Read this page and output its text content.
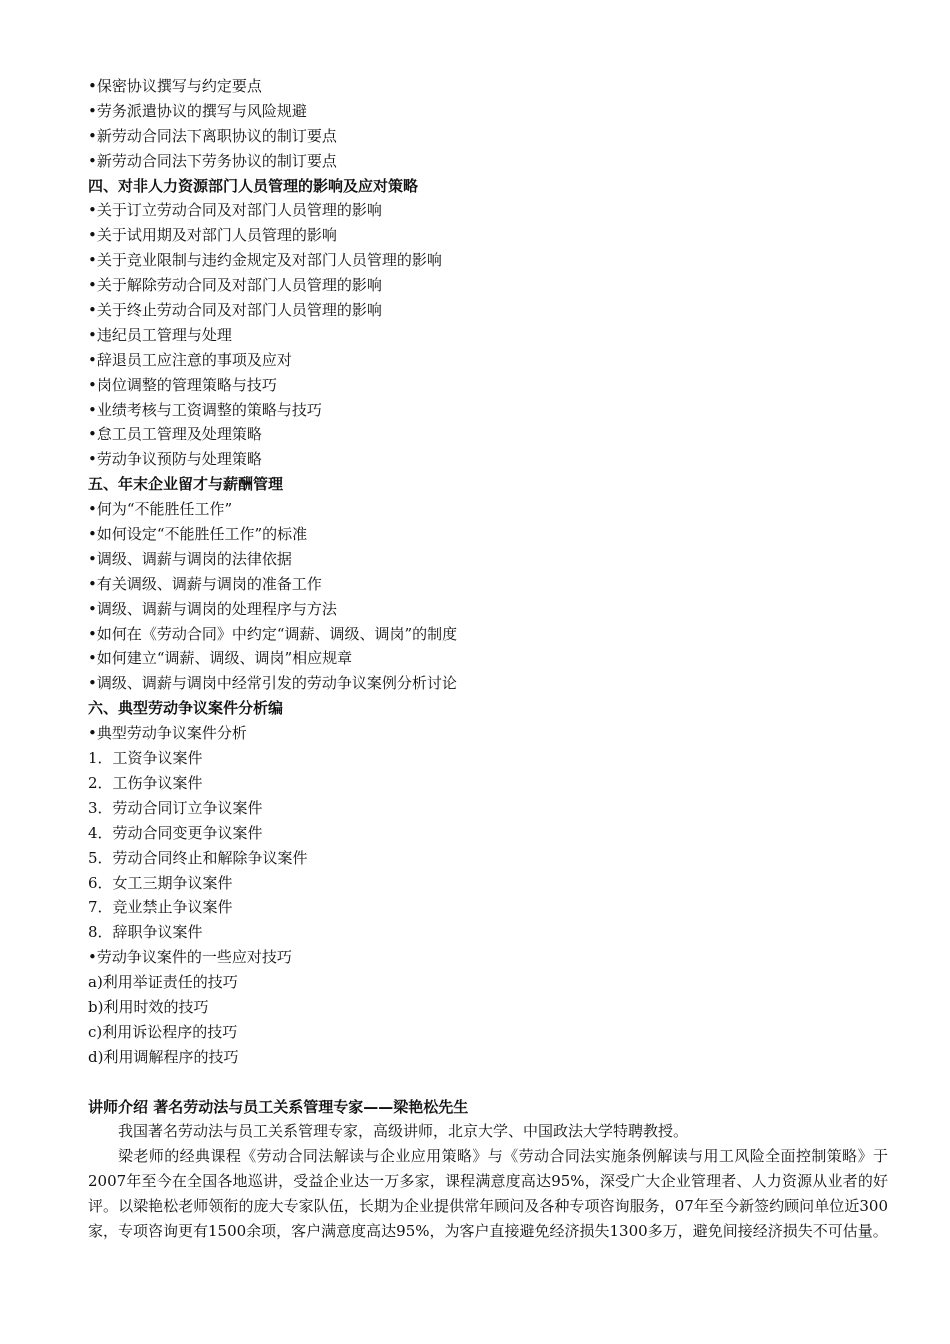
•保密协议撰写与约定要点
•劳务派遣协议的撰写与风险规避
•新劳动合同法下离职协议的制订要点
•新劳动合同法下劳务协议的制订要点
四、对非人力资源部门人员管理的影响及应对策略
•关于订立劳动合同及对部门人员管理的影响
•关于试用期及对部门人员管理的影响
•关于竞业限制与违约金规定及对部门人员管理的影响
•关于解除劳动合同及对部门人员管理的影响
•关于终止劳动合同及对部门人员管理的影响
•违纪员工管理与处理
•辞退员工应注意的事项及应对
•岗位调整的管理策略与技巧
•业绩考核与工资调整的策略与技巧
•怠工员工管理及处理策略
•劳动争议预防与处理策略
五、年末企业留才与薪酬管理
•何为“不能胜任工作”
•如何设定“不能胜任工作”的标准
•调级、调薪与调岗的法律依据
•有关调级、调薪与调岗的准备工作
•调级、调薪与调岗的处理程序与方法
•如何在《劳动合同》中约定“调薪、调级、调岗”的制度
•如何建立“调薪、调级、调岗”相应规章
•调级、调薪与调岗中经常引发的劳动争议案例分析讨论
六、典型劳动争议案件分析编
•典型劳动争议案件分析
1．工资争议案件
2．工伤争议案件
3．劳动合同订立争议案件
4．劳动合同变更争议案件
5．劳动合同终止和解除争议案件
6．女工三期争议案件
7．竞业禁止争议案件
8．辞职争议案件
•劳动争议案件的一些应对技巧
a)利用举证责任的技巧
b)利用时效的技巧
c)利用诉讼程序的技巧
d)利用调解程序的技巧
讲师介绍 著名劳动法与员工关系管理专家——梁艳松先生

我国著名劳动法与员工关系管理专家，高级讲师，北京大学、中国政法大学特聘教授。

梁老师的经典课程《劳动合同法解读与企业应用策略》与《劳动合同法实施条例解读与用工风险全面控制策略》于2007年至今在全国各地巡讲，受益企业达一万多家，课程满意度高达95%，深受广大企业管理者、人力资源从业者的好评。以梁艳松老师领衔的庞大专家队伍，长期为企业提供常年顾问及各种专项咨询服务，07年至今新签约顾问单位近300家，专项咨询更有1500余项，客户满意度高达95%，为客户直接避免经济损失1300多万，避免间接经济损失不可估量。
